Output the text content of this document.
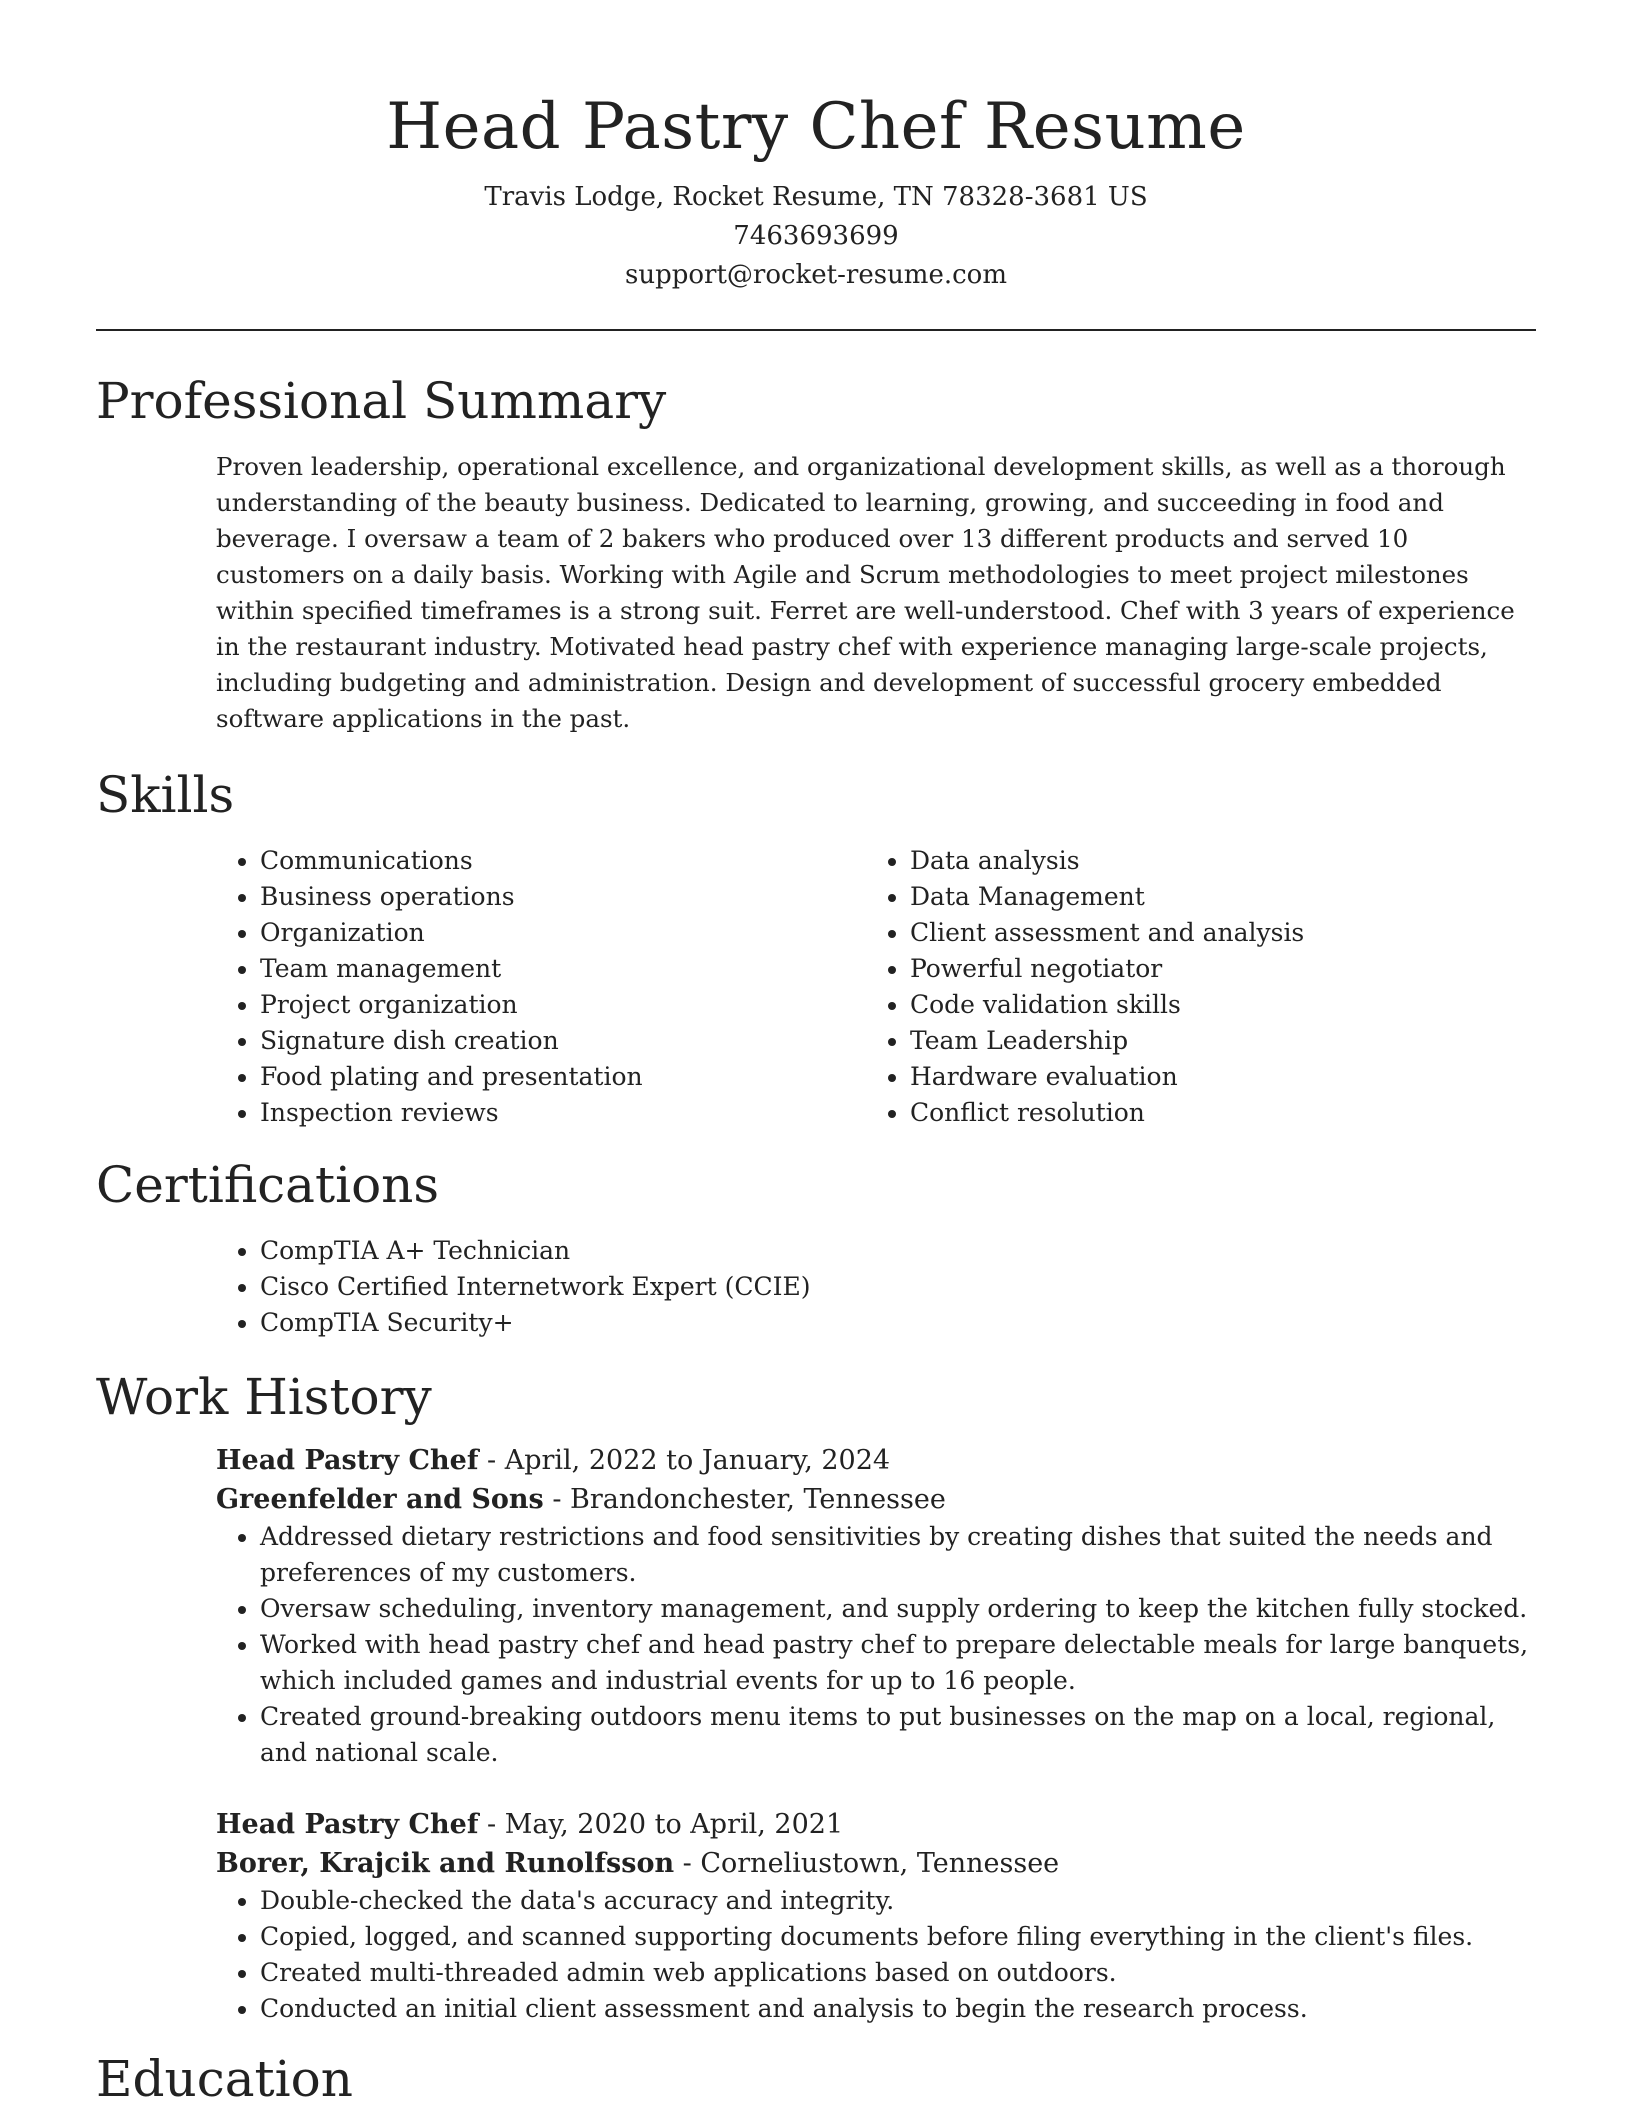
Head Pastry Chef Resume
Travis Lodge, Rocket Resume, TN 78328-3681 US
7463693699
support@rocket-resume.com
Professional Summary

Proven leadership, operational excellence, and organizational development skills, as well as a thorough understanding of the beauty business. Dedicated to learning, growing, and succeeding in food and beverage. I oversaw a team of 2 bakers who produced over 13 different products and served 10 customers on a daily basis. Working with Agile and Scrum methodologies to meet project milestones within specified timeframes is a strong suit. Ferret are well-understood. Chef with 3 years of experience in the restaurant industry. Motivated head pastry chef with experience managing large-scale projects, including budgeting and administration. Design and development of successful grocery embedded software applications in the past.

Skills
• Communications
• Business operations
• Organization
• Team management
• Project organization
• Signature dish creation
• Food plating and presentation
• Inspection reviews
• Data analysis
• Data Management
• Client assessment and analysis
• Powerful negotiator
• Code validation skills
• Team Leadership
• Hardware evaluation
• Conflict resolution
Certifications
• CompTIA A+ Technician
• Cisco Certified Internetwork Expert (CCIE)
• CompTIA Security+
Work History
Head Pastry Chef - April, 2022 to January, 2024
Greenfelder and Sons - Brandonchester, Tennessee
• Addressed dietary restrictions and food sensitivities by creating dishes that suited the needs and preferences of my customers.
• Oversaw scheduling, inventory management, and supply ordering to keep the kitchen fully stocked.
• Worked with head pastry chef and head pastry chef to prepare delectable meals for large banquets, which included games and industrial events for up to 16 people.
• Created ground-breaking outdoors menu items to put businesses on the map on a local, regional, and national scale.
Head Pastry Chef - May, 2020 to April, 2021
Borer, Krajcik and Runolfsson - Corneliustown, Tennessee
• Double-checked the data's accuracy and integrity.
• Copied, logged, and scanned supporting documents before filing everything in the client's files.
• Created multi-threaded admin web applications based on outdoors.
• Conducted an initial client assessment and analysis to begin the research process.
Education
